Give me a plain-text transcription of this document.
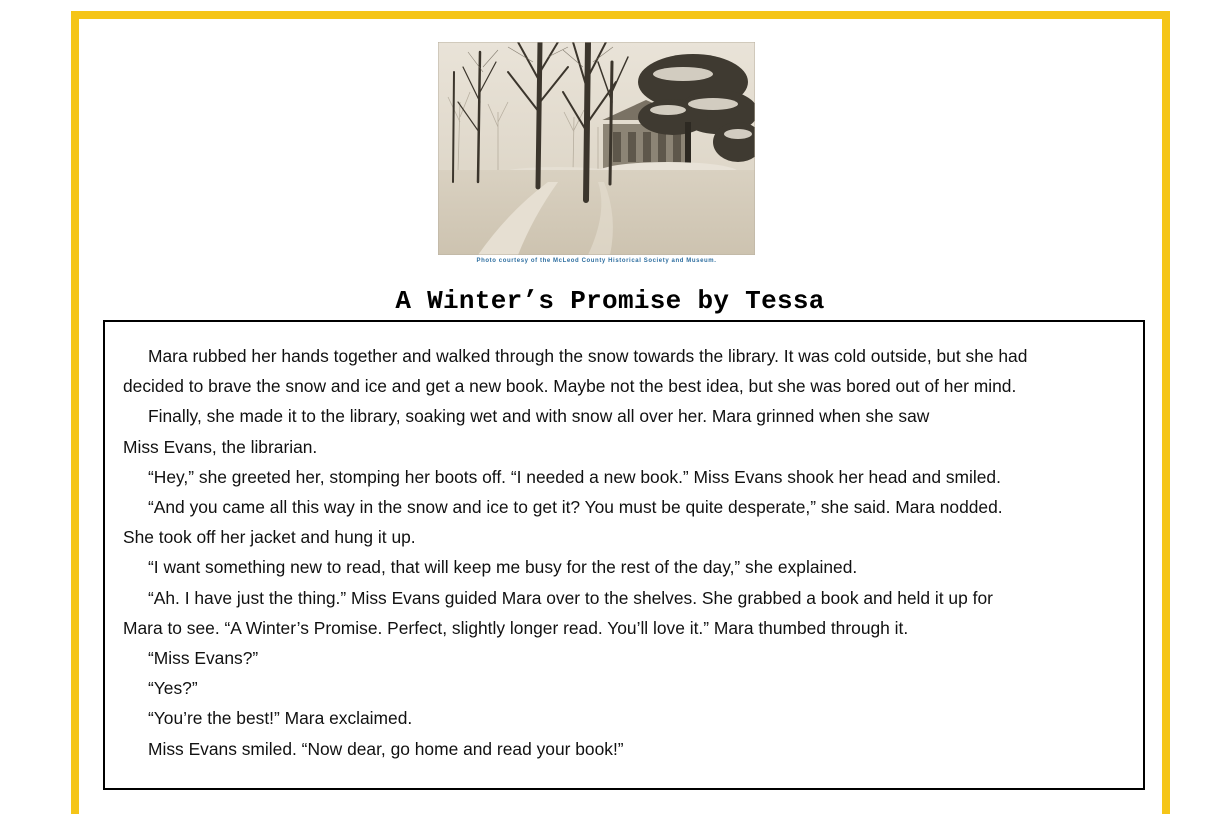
Photo courtesy of the McLeod County Historical Society and Museum.
A Winter’s Promise by Tessa
Mara rubbed her hands together and walked through the snow towards the library. It was cold outside, but she had
decided to brave the snow and ice and get a new book. Maybe not the best idea, but she was bored out of her mind.
Finally, she made it to the library, soaking wet and with snow all over her. Mara grinned when she saw
Miss Evans, the librarian.
“Hey,” she greeted her, stomping her boots off. “I needed a new book.” Miss Evans shook her head and smiled.
“And you came all this way in the snow and ice to get it? You must be quite desperate,” she said. Mara nodded.
She took off her jacket and hung it up.
“I want something new to read, that will keep me busy for the rest of the day,” she explained.
“Ah. I have just the thing.” Miss Evans guided Mara over to the shelves. She grabbed a book and held it up for
Mara to see. “A Winter’s Promise. Perfect, slightly longer read. You’ll love it.” Mara thumbed through it.
“Miss Evans?”
“Yes?”
“You’re the best!” Mara exclaimed.
Miss Evans smiled. “Now dear, go home and read your book!”
